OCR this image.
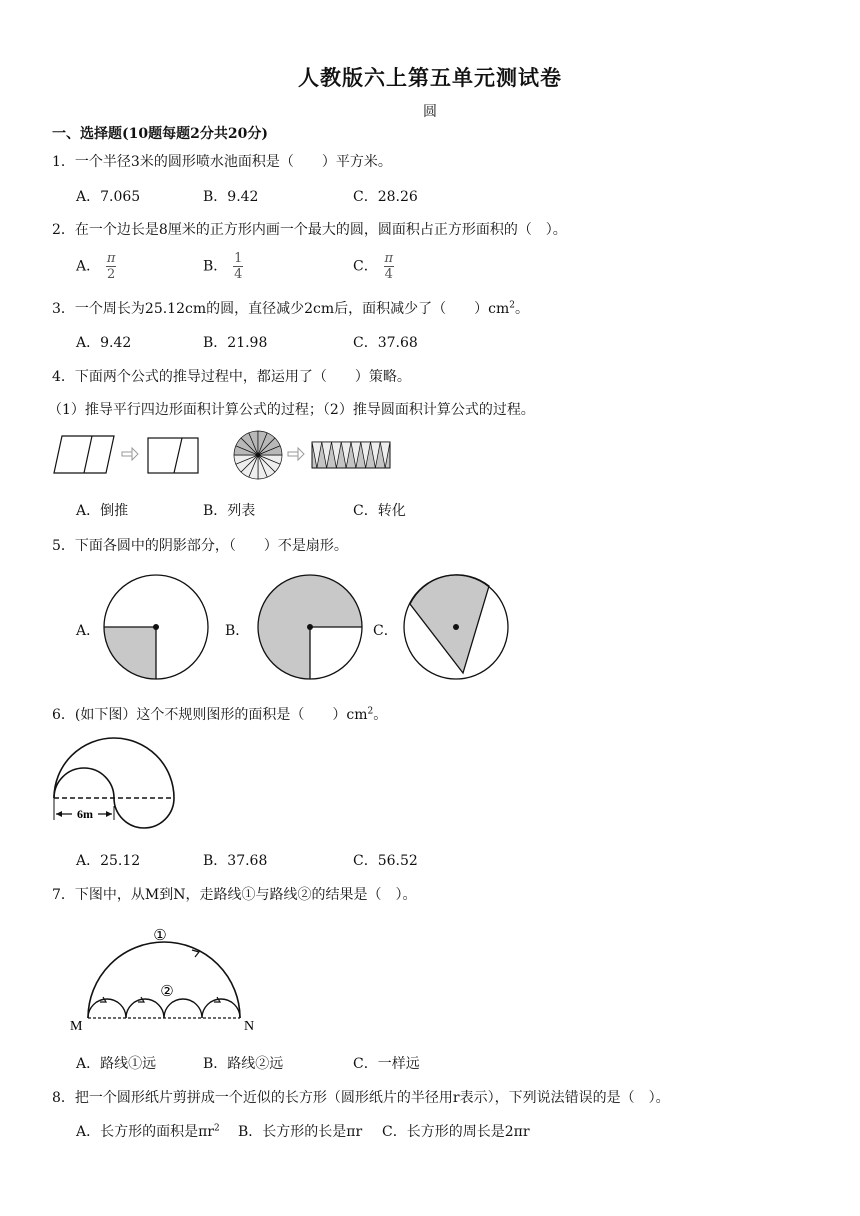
人教版六上第五单元测试卷
圆
一、选择题(10题每题2分共20分)
1．一个半径3米的圆形喷水池面积是（　　）平方米。
A．7.065	B．9.42	C．28.26
2．在一个边长是8厘米的正方形内画一个最大的圆，圆面积占正方形面积的（　）。
A． $\frac{\pi}{2}$	B． $\frac{1}{4}$	C． $\frac{\pi}{4}$
3．一个周长为25.12cm的圆，直径减少2cm后，面积减少了（　　）$cm^2$。
A．9.42	B．21.98	C．37.68
4．下面两个公式的推导过程中，都运用了（　　）策略。
（1）推导平行四边形面积计算公式的过程；（2）推导圆面积计算公式的过程。
A．倒推	B．列表	C．转化
5．下面各圆中的阴影部分，（　　）不是扇形。
A．	B．	C．
6．(如下图）这个不规则图形的面积是（　　）$cm^2$。
6m
A．25.12	B．37.68	C．56.52
7．下图中，从M到N，走路线①与路线②的结果是（　）。
①
②
M	N
A．路线①远	B．路线②远	C．一样远
8．把一个圆形纸片剪拼成一个近似的长方形（圆形纸片的半径用r表示），下列说法错误的是（　）。
A．长方形的面积是$\pi r^2$ B．长方形的长是πr C．长方形的周长是2πr
